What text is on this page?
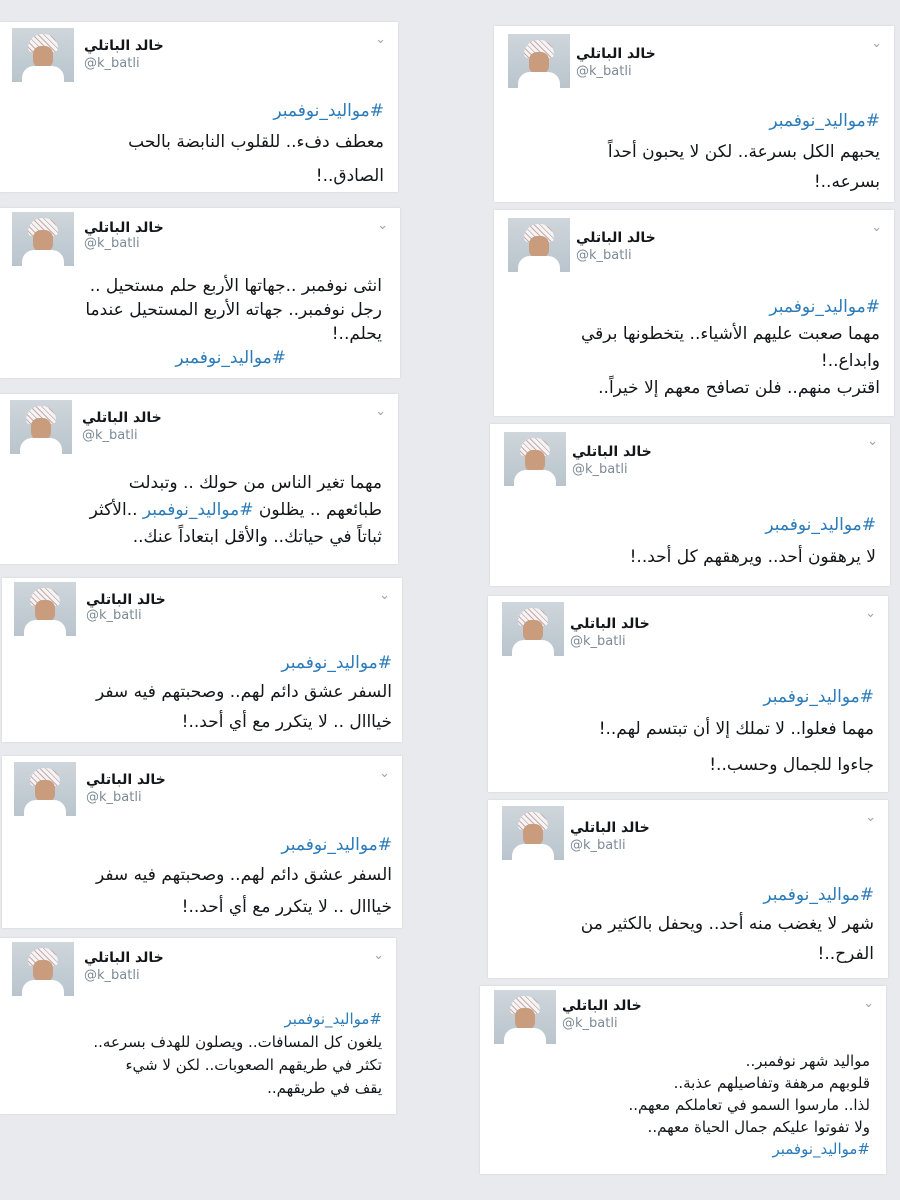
خالد الباتلي
@k_batli
⌄

#مواليد_نوفمبر

يحبهم الكل بسرعة.. لكن لا يحبون أحداً

بسرعه..!

خالد الباتلي
@k_batli
⌄

#مواليد_نوفمبر

مهما صعبت عليهم الأشياء.. يتخطونها برقي

وابداع..!

اقترب منهم.. فلن تصافح معهم إلا خيراً..

خالد الباتلي
@k_batli
⌄

#مواليد_نوفمبر

لا يرهقون أحد.. ويرهقهم كل أحد..!

خالد الباتلي
@k_batli
⌄

#مواليد_نوفمبر

مهما فعلوا.. لا تملك إلا أن تبتسم لهم..!

جاءوا للجمال وحسب..!

خالد الباتلي
@k_batli
⌄

#مواليد_نوفمبر

شهر لا يغضب منه أحد.. ويحفل بالكثير من

الفرح..!

خالد الباتلي
@k_batli
⌄

مواليد شهر نوفمبر..

قلوبهم مرهفة وتفاصيلهم عذبة..

لذا.. مارسوا السمو في تعاملكم معهم..

ولا تفوتوا عليكم جمال الحياة معهم..

#مواليد_نوفمبر

خالد الباتلي
@k_batli
⌄

#مواليد_نوفمبر

معطف دفء.. للقلوب النابضة بالحب

الصادق..!

خالد الباتلي
@k_batli
⌄

انثى نوفمبر ..جهاتها الأربع حلم مستحيل ..

رجل نوفمبر.. جهاته الأربع المستحيل عندما

يحلم..!

#مواليد_نوفمبر

خالد الباتلي
@k_batli
⌄

مهما تغير الناس من حولك .. وتبدلت

طبائعهم .. يظلون #مواليد_نوفمبر ..الأكثر

ثباتاً في حياتك.. والأقل ابتعاداً عنك..

خالد الباتلي
@k_batli
⌄

#مواليد_نوفمبر

السفر عشق دائم لهم.. وصحبتهم فيه سفر

خيااال .. لا يتكرر مع أي أحد..!

خالد الباتلي
@k_batli
⌄

#مواليد_نوفمبر

السفر عشق دائم لهم.. وصحبتهم فيه سفر

خيااال .. لا يتكرر مع أي أحد..!

خالد الباتلي
@k_batli
⌄

#مواليد_نوفمبر

يلغون كل المسافات.. ويصلون للهدف بسرعه..

تكثر في طريقهم الصعوبات.. لكن لا شيء

يقف في طريقهم..
